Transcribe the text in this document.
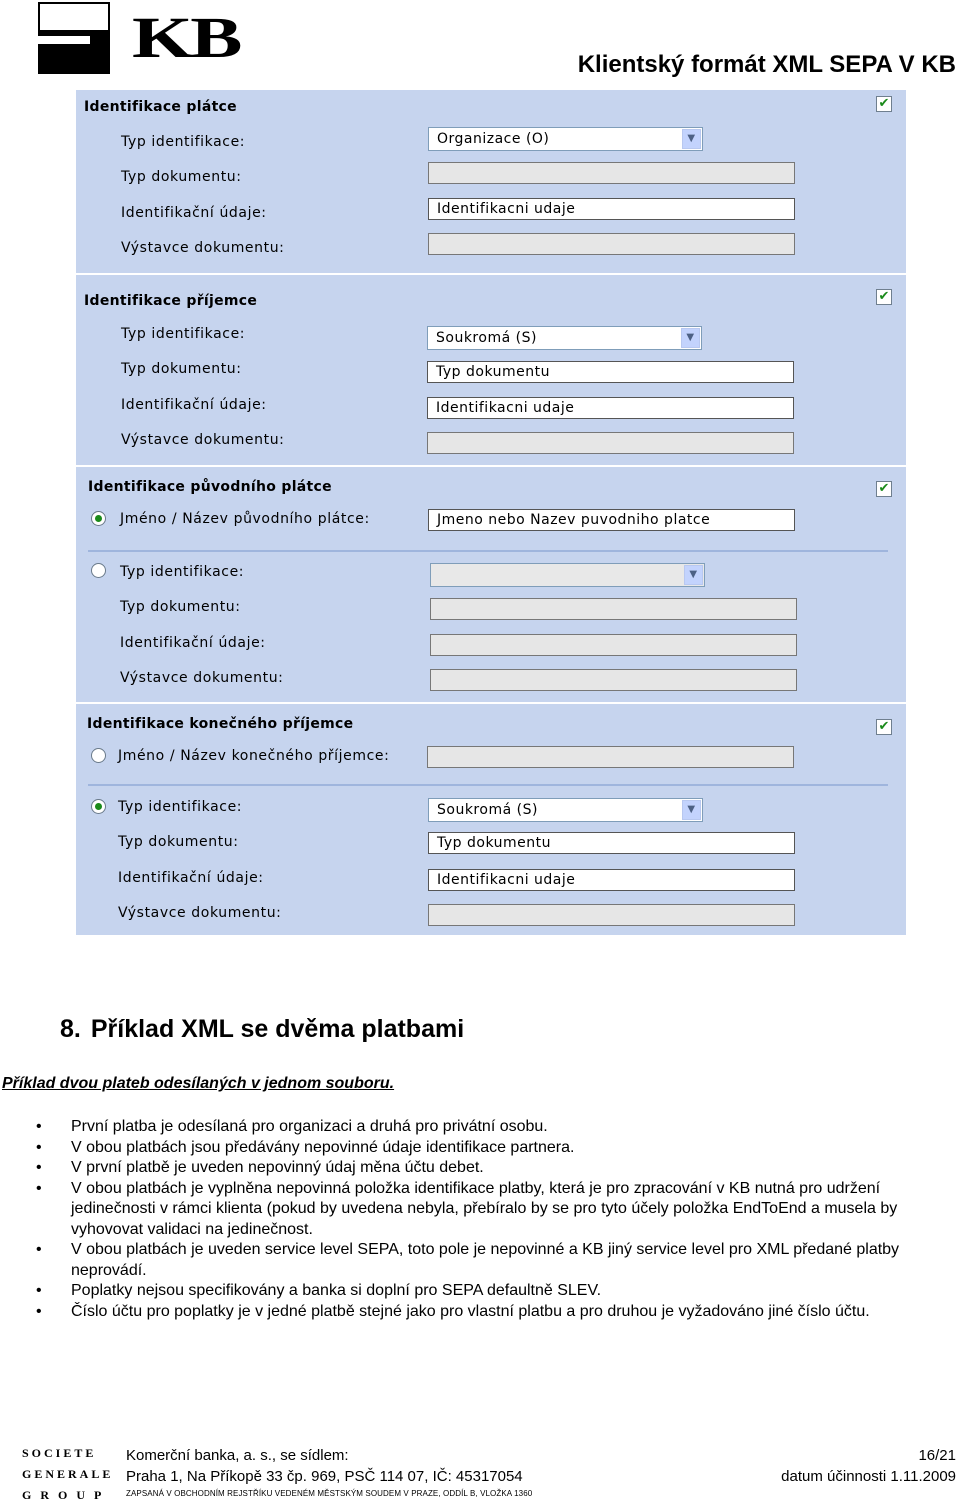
KB	Klientský formát XML SEPA V KB
Identifikace plátce	✔
Typ identifikace:	Organizace (O)	▼
Typ dokumentu:
Identifikační údaje:	Identifikacni udaje
Výstavce dokumentu:
Identifikace příjemce	✔
Typ identifikace:	Soukromá (S)	▼
Typ dokumentu:	Typ dokumentu
Identifikační údaje:	Identifikacni udaje
Výstavce dokumentu:
Identifikace původního plátce	✔
Jméno / Název původního plátce:	Jmeno nebo Nazev puvodniho platce
Typ identifikace:	▼
Typ dokumentu:
Identifikační údaje:
Výstavce dokumentu:
Identifikace konečného příjemce	✔
Jméno / Název konečného příjemce:
Typ identifikace:	Soukromá (S)	▼
Typ dokumentu:	Typ dokumentu
Identifikační údaje:	Identifikacni udaje
Výstavce dokumentu:
8. Příklad XML se dvěma platbami
Příklad dvou plateb odesílaných v jednom souboru.
• První platba je odesílaná pro organizaci a druhá pro privátní osobu.
• V obou platbách jsou předávány nepovinné údaje identifikace partnera.
• V první platbě je uveden nepovinný údaj měna účtu debet.
• V obou platbách je vyplněna nepovinná položka identifikace platby, která je pro zpracování v KB nutná pro udržení jedinečnosti v rámci klienta (pokud by uvedena nebyla, přebíralo by se pro tyto účely položka EndToEnd a musela by vyhovovat validaci na jedinečnost.
• V obou platbách je uveden service level SEPA, toto pole je nepovinné a KB jiný service level pro XML předané platby neprovádí.
• Poplatky nejsou specifikovány a banka si doplní pro SEPA defaultně SLEV.
• Číslo účtu pro poplatky je v jedné platbě stejné jako pro vlastní platbu a pro druhou je vyžadováno jiné číslo účtu.
SOCIETE
GENERALE
GROUP
Komerční banka, a. s., se sídlem:
Praha 1, Na Příkopě 33 čp. 969, PSČ 114 07, IČ: 45317054
ZAPSANÁ V OBCHODNÍM REJSTŘÍKU VEDENÉM MĚSTSKÝM SOUDEM V PRAZE, ODDÍL B, VLOŽKA 1360
16/21
datum účinnosti 1.11.2009
